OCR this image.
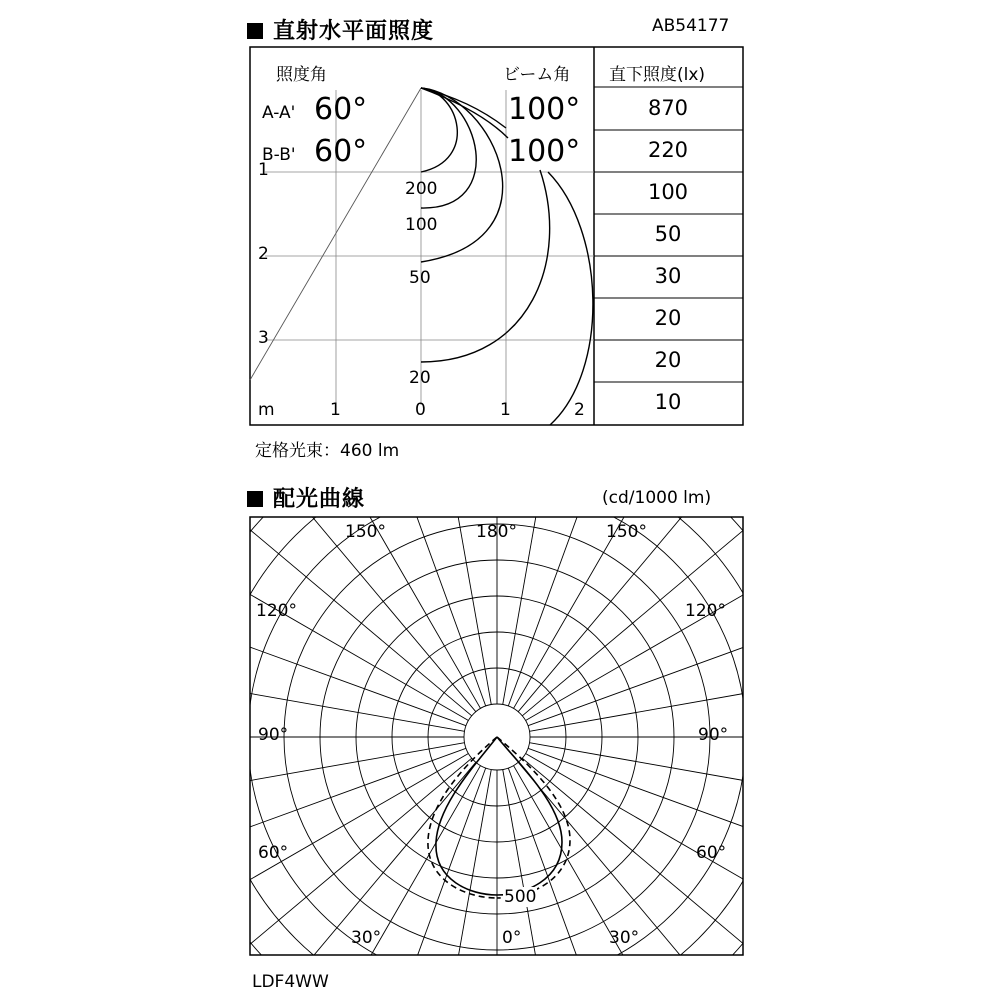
直射水平面照度	AB54177
照度角	ビーム角 直下照度(lx)
A-A' 60°	100°
B-B' 60°	100°
870
220
100
50
30
20
20
10
1
2
3
m	1	0	1	2
200
100
50
20
定格光束：460 lm
配光曲線	(cd/1000 lm)
150°	180°	150°
120°	120°
90°	90°
60°	60°
30°	0°	30°
500
LDF4WW
